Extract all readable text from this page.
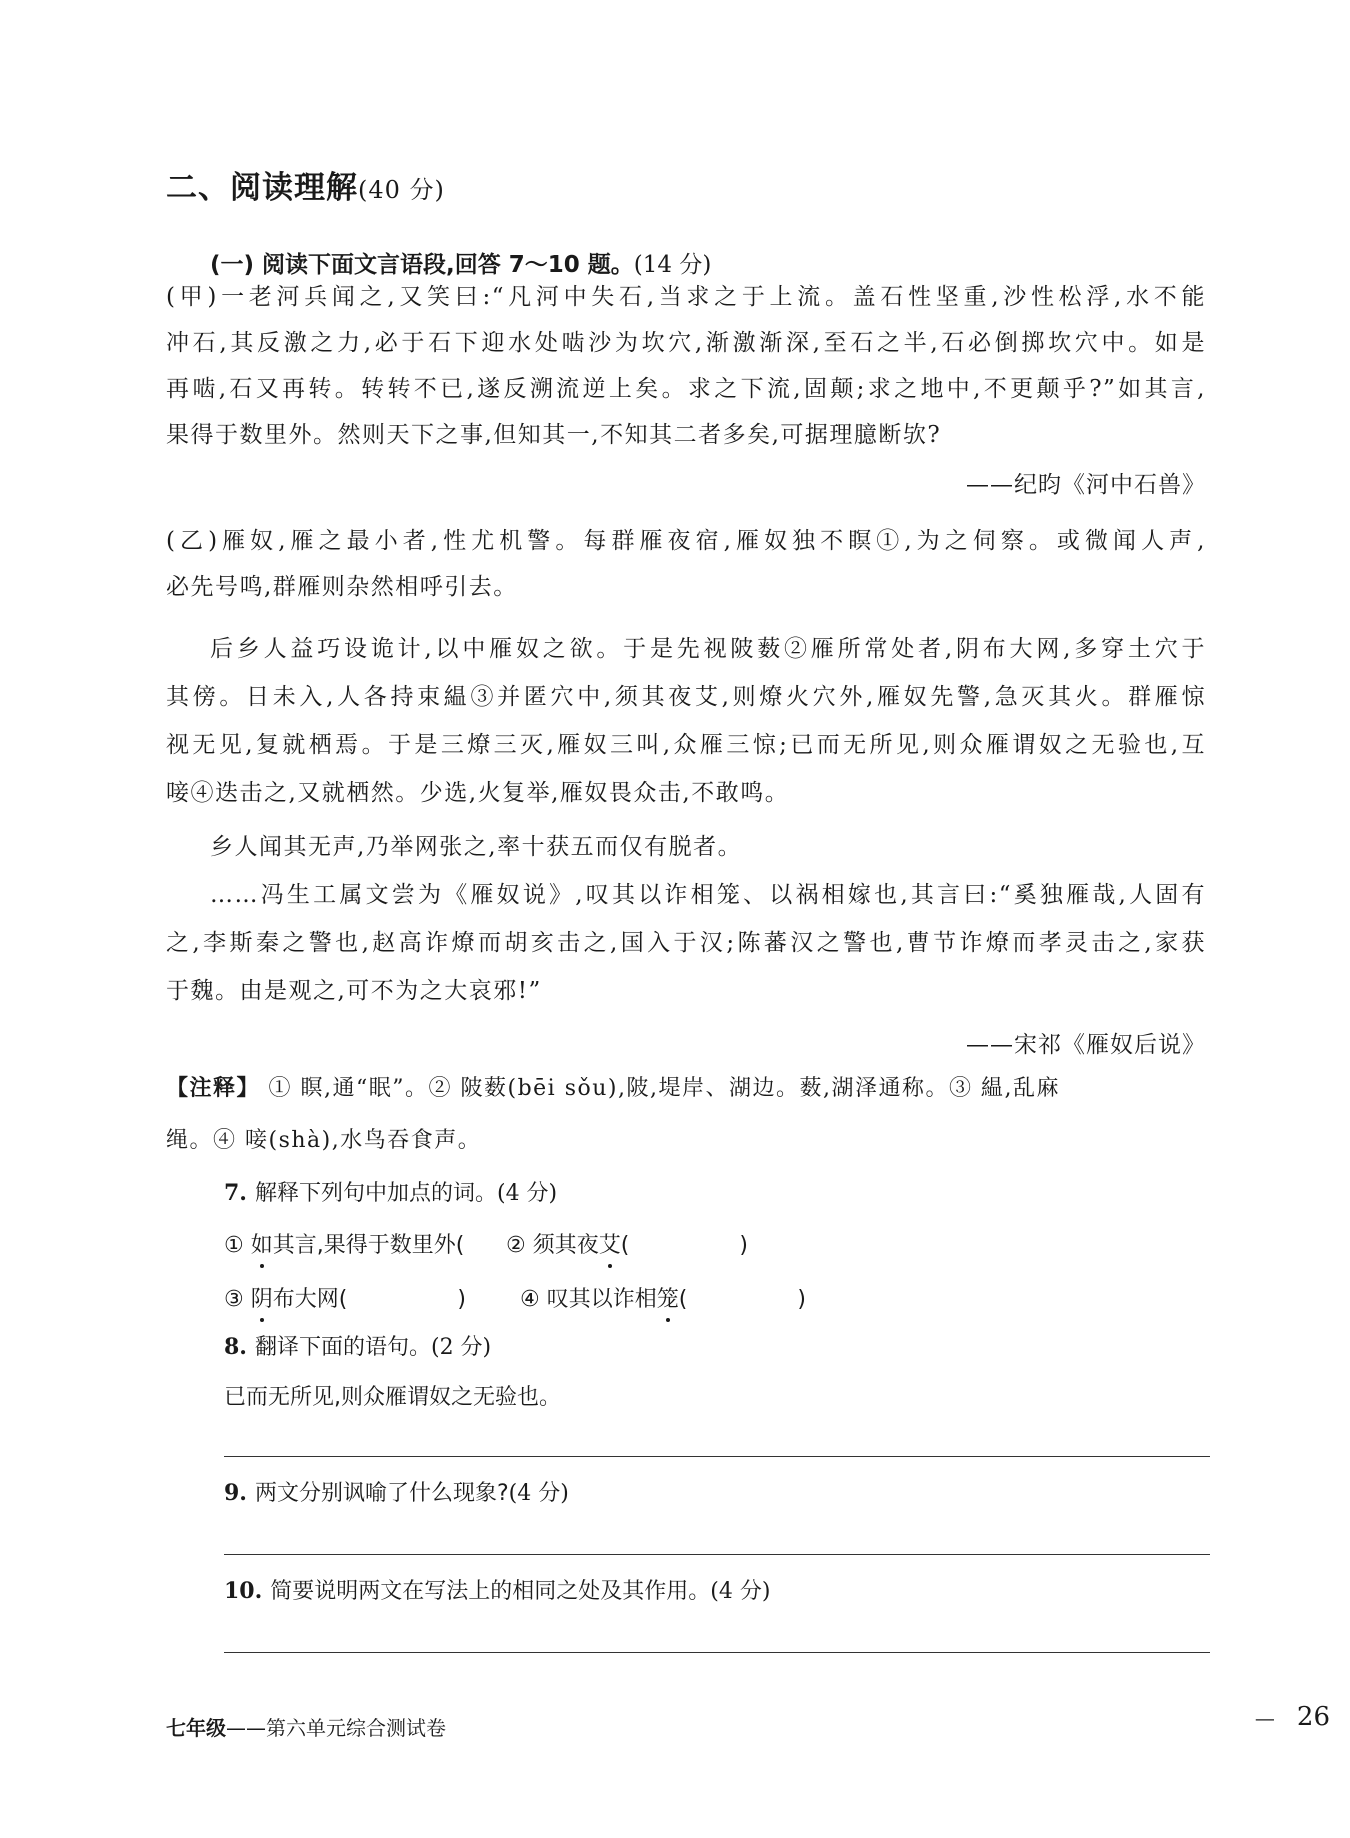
二、阅读理解(40 分)
(一) 阅读下面文言语段,回答 7～10 题。(14 分)
(甲)一老河兵闻之,又笑曰:“凡河中失石,当求之于上流。盖石性坚重,沙性松浮,水不能
冲石,其反激之力,必于石下迎水处啮沙为坎穴,渐激渐深,至石之半,石必倒掷坎穴中。如是
再啮,石又再转。转转不已,遂反溯流逆上矣。求之下流,固颠;求之地中,不更颠乎?”如其言,
果得于数里外。然则天下之事,但知其一,不知其二者多矣,可据理臆断欤?
——纪昀《河中石兽》
(乙)雁奴,雁之最小者,性尤机警。每群雁夜宿,雁奴独不瞑①,为之伺察。或微闻人声,
必先号鸣,群雁则杂然相呼引去。
后乡人益巧设诡计,以中雁奴之欲。于是先视陂薮②雁所常处者,阴布大网,多穿土穴于
其傍。日未入,人各持束緼③并匿穴中,须其夜艾,则燎火穴外,雁奴先警,急灭其火。群雁惊
视无见,复就栖焉。于是三燎三灭,雁奴三叫,众雁三惊;已而无所见,则众雁谓奴之无验也,互
唼④迭击之,又就栖然。少选,火复举,雁奴畏众击,不敢鸣。
乡人闻其无声,乃举网张之,率十获五而仅有脱者。
……冯生工属文尝为《雁奴说》,叹其以诈相笼、以祸相嫁也,其言曰:“奚独雁哉,人固有
之,李斯秦之警也,赵高诈燎而胡亥击之,国入于汉;陈蕃汉之警也,曹节诈燎而孝灵击之,家获
于魏。由是观之,可不为之大哀邪!”
——宋祁《雁奴后说》
【注释】 ① 瞑,通“眠”。② 陂薮(bēi sǒu),陂,堤岸、湖边。薮,湖泽通称。③ 緼,乱麻
绳。④ 唼(shà),水鸟吞食声。
7. 解释下列句中加点的词。(4 分)
① 如其言,果得于数里外( ② 须其夜艾(	)
③ 阴布大网(	) ④ 叹其以诈相笼(	)
8. 翻译下面的语句。(2 分)
已而无所见,则众雁谓奴之无验也。
9. 两文分别讽喻了什么现象?(4 分)
10. 简要说明两文在写法上的相同之处及其作用。(4 分)
七年级——第六单元综合测试卷	— 26
